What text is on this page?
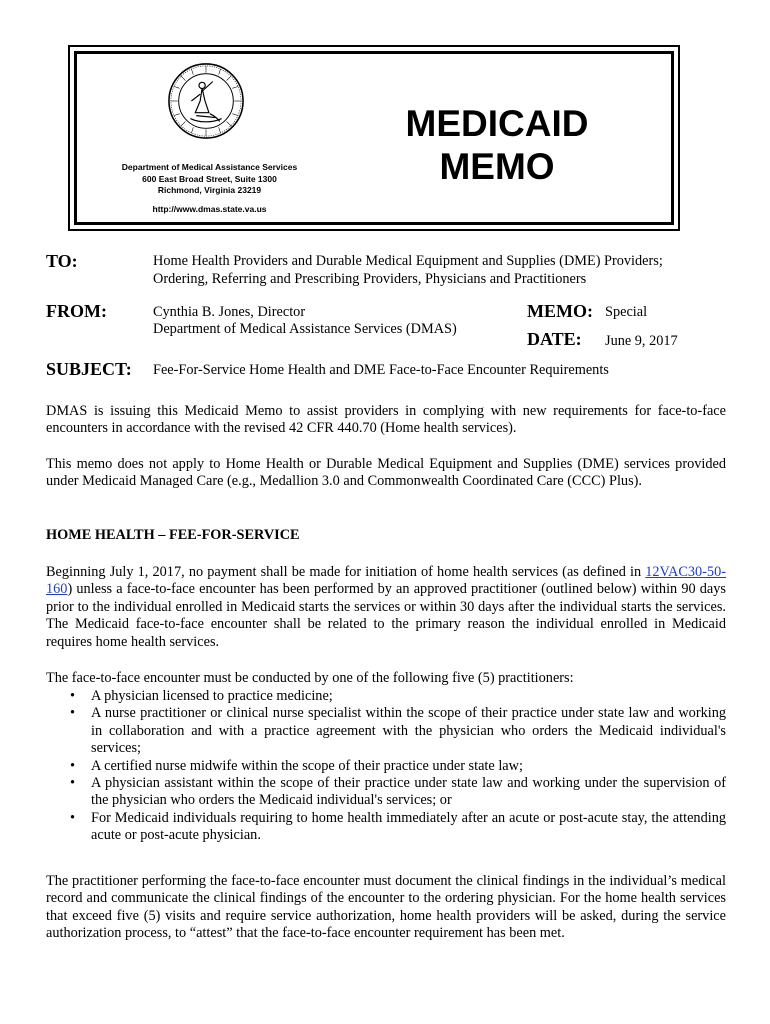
Department of Medical Assistance Services
600 East Broad Street, Suite 1300
Richmond, Virginia 23219
http://www.dmas.state.va.us
MEDICAID
MEMO
TO:	Home Health Providers and Durable Medical Equipment and Supplies (DME) Providers;
Ordering, Referring and Prescribing Providers, Physicians and Practitioners
FROM:	Cynthia B. Jones, Director
Department of Medical Assistance Services (DMAS)
MEMO: Special
DATE: June 9, 2017
SUBJECT: Fee-For-Service Home Health and DME Face-to-Face Encounter Requirements

DMAS is issuing this Medicaid Memo to assist providers in complying with new requirements for face-to-face encounters in accordance with the revised 42 CFR 440.70 (Home health services).

This memo does not apply to Home Health or Durable Medical Equipment and Supplies (DME) services provided under Medicaid Managed Care (e.g., Medallion 3.0 and Commonwealth Coordinated Care (CCC) Plus).

HOME HEALTH – FEE-FOR-SERVICE

Beginning July 1, 2017, no payment shall be made for initiation of home health services (as defined in 12VAC30-50-160) unless a face-to-face encounter has been performed by an approved practitioner (outlined below) within 90 days prior to the individual enrolled in Medicaid starts the services or within 30 days after the individual starts the services. The Medicaid face-to-face encounter shall be related to the primary reason the individual enrolled in Medicaid requires home health services.

The face-to-face encounter must be conducted by one of the following five (5) practitioners:

• A physician licensed to practice medicine;
• A nurse practitioner or clinical nurse specialist within the scope of their practice under state law and working in collaboration and with a practice agreement with the physician who orders the Medicaid individual's services;
• A certified nurse midwife within the scope of their practice under state law;
• A physician assistant within the scope of their practice under state law and working under the supervision of the physician who orders the Medicaid individual's services; or
• For Medicaid individuals requiring to home health immediately after an acute or post-acute stay, the attending acute or post-acute physician.

The practitioner performing the face-to-face encounter must document the clinical findings in the individual’s medical record and communicate the clinical findings of the encounter to the ordering physician. For the home health services that exceed five (5) visits and require service authorization, home health providers will be asked, during the service authorization process, to “attest” that the face-to-face encounter requirement has been met.
